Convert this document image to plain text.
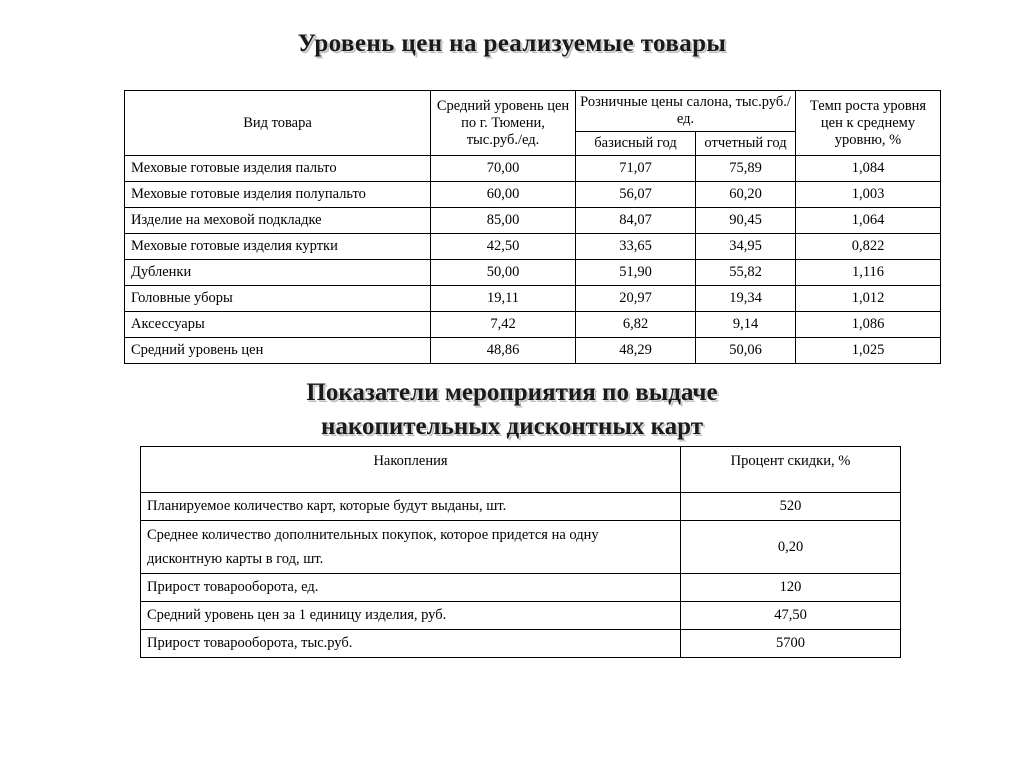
Уровень цен на реализуемые товары
Вид товара	Средний уровень цен по г. Тюмени, тыс.руб./ед.	Розничные цены салона, тыс.руб./ед.		Темп роста уровня цен к среднему уровню, %
		базисный год	отчетный год	
Меховые готовые изделия пальто	70,00	71,07	75,89	1,084
Меховые готовые изделия полупальто	60,00	56,07	60,20	1,003
Изделие на меховой подкладке	85,00	84,07	90,45	1,064
Меховые готовые изделия куртки	42,50	33,65	34,95	0,822
Дубленки	50,00	51,90	55,82	1,116
Головные уборы	19,11	20,97	19,34	1,012
Аксессуары	7,42	6,82	9,14	1,086
Средний уровень цен	48,86	48,29	50,06	1,025
Показатели мероприятия по выдаче
накопительных дисконтных карт
Накопления	Процент скидки, %
Планируемое количество карт, которые будут выданы, шт.	520
Среднее количество дополнительных покупок, которое придется на одну дисконтную карты в год, шт.	0,20
Прирост товарооборота, ед.	120
Средний уровень цен за 1 единицу изделия, руб.	47,50
Прирост товарооборота, тыс.руб.	5700
